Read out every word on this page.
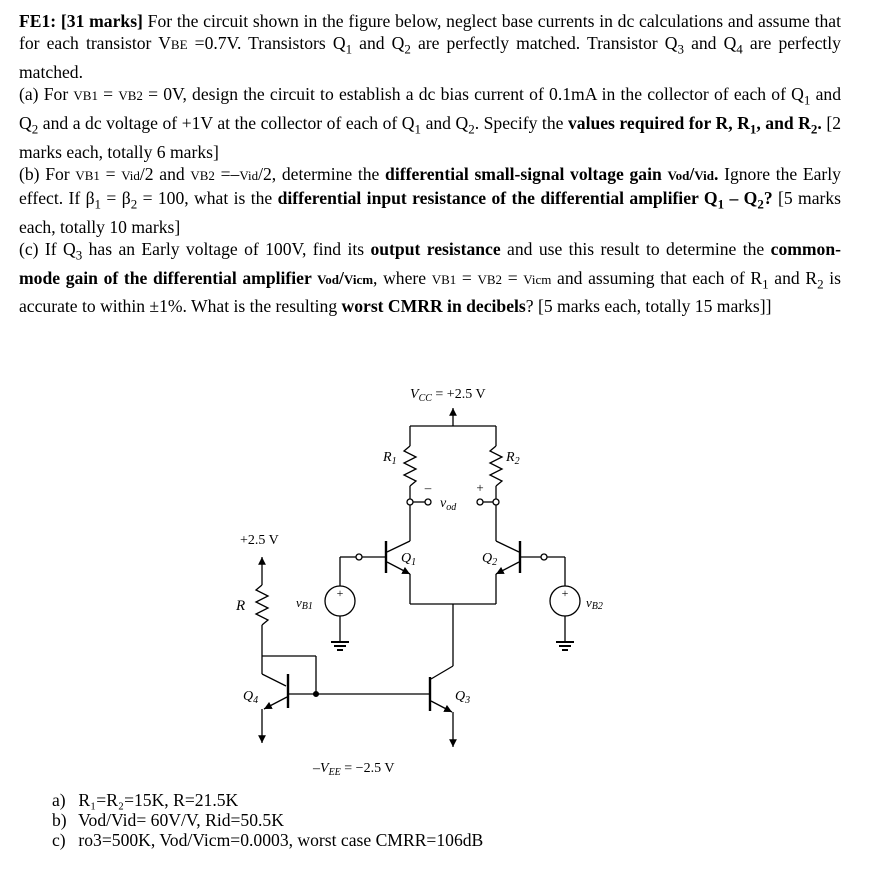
FE1: [31 marks] For the circuit shown in the figure below, neglect base currents in dc calculations and assume that for each transistor VBE =0.7V. Transistors $Q_1$ and $Q_2$ are perfectly matched. Transistor $Q_3$ and $Q_4$ are perfectly matched.

(a) For VB1 = VB2 = 0V, design the circuit to establish a dc bias current of 0.1mA in the collector of each of $Q_1$ and $Q_2$ and a dc voltage of +1V at the collector of each of $Q_1$ and $Q_2$. Specify the values required for R, $R_1$, and $R_2$. [2 marks each, totally 6 marks]

(b) For VB1 = Vid/2 and VB2 =–Vid/2, determine the differential small-signal voltage gain Vod/Vid. Ignore the Early effect. If $\beta_1 = \beta_2 = 100$, what is the differential input resistance of the differential amplifier $Q_1 - Q_2$? [5 marks each, totally 10 marks]

(c) If $Q_3$ has an Early voltage of 100V, find its output resistance and use this result to determine the common-mode gain of the differential amplifier Vod/Vicm, where VB1 = VB2 = Vicm and assuming that each of $R_1$ and $R_2$ is accurate to within ±1%. What is the resulting worst CMRR in decibels? [5 marks each, totally 15 marks]]

+	+
$V_{CC} = +2.5$ V
+2.5 V
R
$R_1$	$R_2$
–	+
$v_{od}$
$Q_1$	$Q_2$
$Q_3$
$Q_4$
vB1	vB2
$-V_{EE} = -2.5$ V

a) R₁=R₂=15K, R=21.5K

b) Vod/Vid= 60V/V, Rid=50.5K

c) ro3=500K, Vod/Vicm=0.0003, worst case CMRR=106dB
